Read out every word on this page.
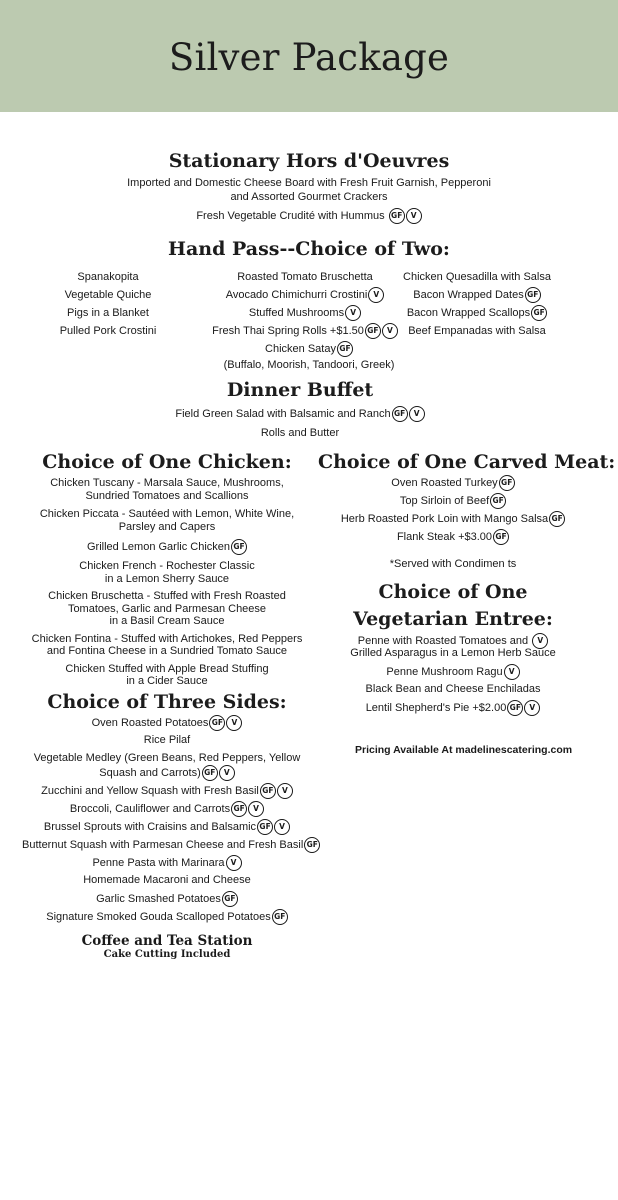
Silver Package
Stationary Hors d'Oeuvres
Imported and Domestic Cheese Board with Fresh Fruit Garnish, Pepperoni
and Assorted Gourmet Crackers
Fresh Vegetable Crudité with Hummus GF V
Hand Pass--Choice of Two:
Spanakopita
Vegetable Quiche
Pigs in a Blanket
Pulled Pork Crostini
Roasted Tomato Bruschetta
Avocado Chimichurri Crostini V
Stuffed Mushrooms V
Fresh Thai Spring Rolls +$1.50 GF V
Chicken Quesadilla with Salsa
Bacon Wrapped Dates GF
Bacon Wrapped Scallops GF
Beef Empanadas with Salsa
Chicken Satay GF
(Buffalo, Moorish, Tandoori, Greek)
Dinner Buffet
Field Green Salad with Balsamic and Ranch GF V
Rolls and Butter
Choice of One Chicken:
Chicken Tuscany - Marsala Sauce, Mushrooms,
Sundried Tomatoes and Scallions
Chicken Piccata - Sautéed with Lemon, White Wine,
Parsley and Capers
Grilled Lemon Garlic Chicken GF
Chicken French - Rochester Classic
in a Lemon Sherry Sauce
Chicken Bruschetta - Stuffed with Fresh Roasted
Tomatoes, Garlic and Parmesan Cheese
in a Basil Cream Sauce
Chicken Fontina - Stuffed with Artichokes, Red Peppers
and Fontina Cheese in a Sundried Tomato Sauce
Chicken Stuffed with Apple Bread Stuffing
in a Cider Sauce
Choice of Three Sides:
Oven Roasted Potatoes GF V
Rice Pilaf
Vegetable Medley (Green Beans, Red Peppers, Yellow
Squash and Carrots) GF V
Zucchini and Yellow Squash with Fresh Basil GF V
Broccoli, Cauliflower and Carrots GF V
Brussel Sprouts with Craisins and Balsamic GF V
Butternut Squash with Parmesan Cheese and Fresh Basil GF
Penne Pasta with Marinara V
Homemade Macaroni and Cheese
Garlic Smashed Potatoes GF
Signature Smoked Gouda Scalloped Potatoes GF
Coffee and Tea Station
Cake Cutting Included
Choice of One Carved Meat:
Oven Roasted Turkey GF
Top Sirloin of Beef GF
Herb Roasted Pork Loin with Mango Salsa GF
Flank Steak +$3.00 GF
*Served with Condimen ts
Choice of One
Vegetarian Entree:
Penne with Roasted Tomatoes and V
Grilled Asparagus in a Lemon Herb Sauce
Penne Mushroom Ragu V
Black Bean and Cheese Enchiladas
Lentil Shepherd's Pie +$2.00 GF V
Pricing Available At madelinescatering.com
